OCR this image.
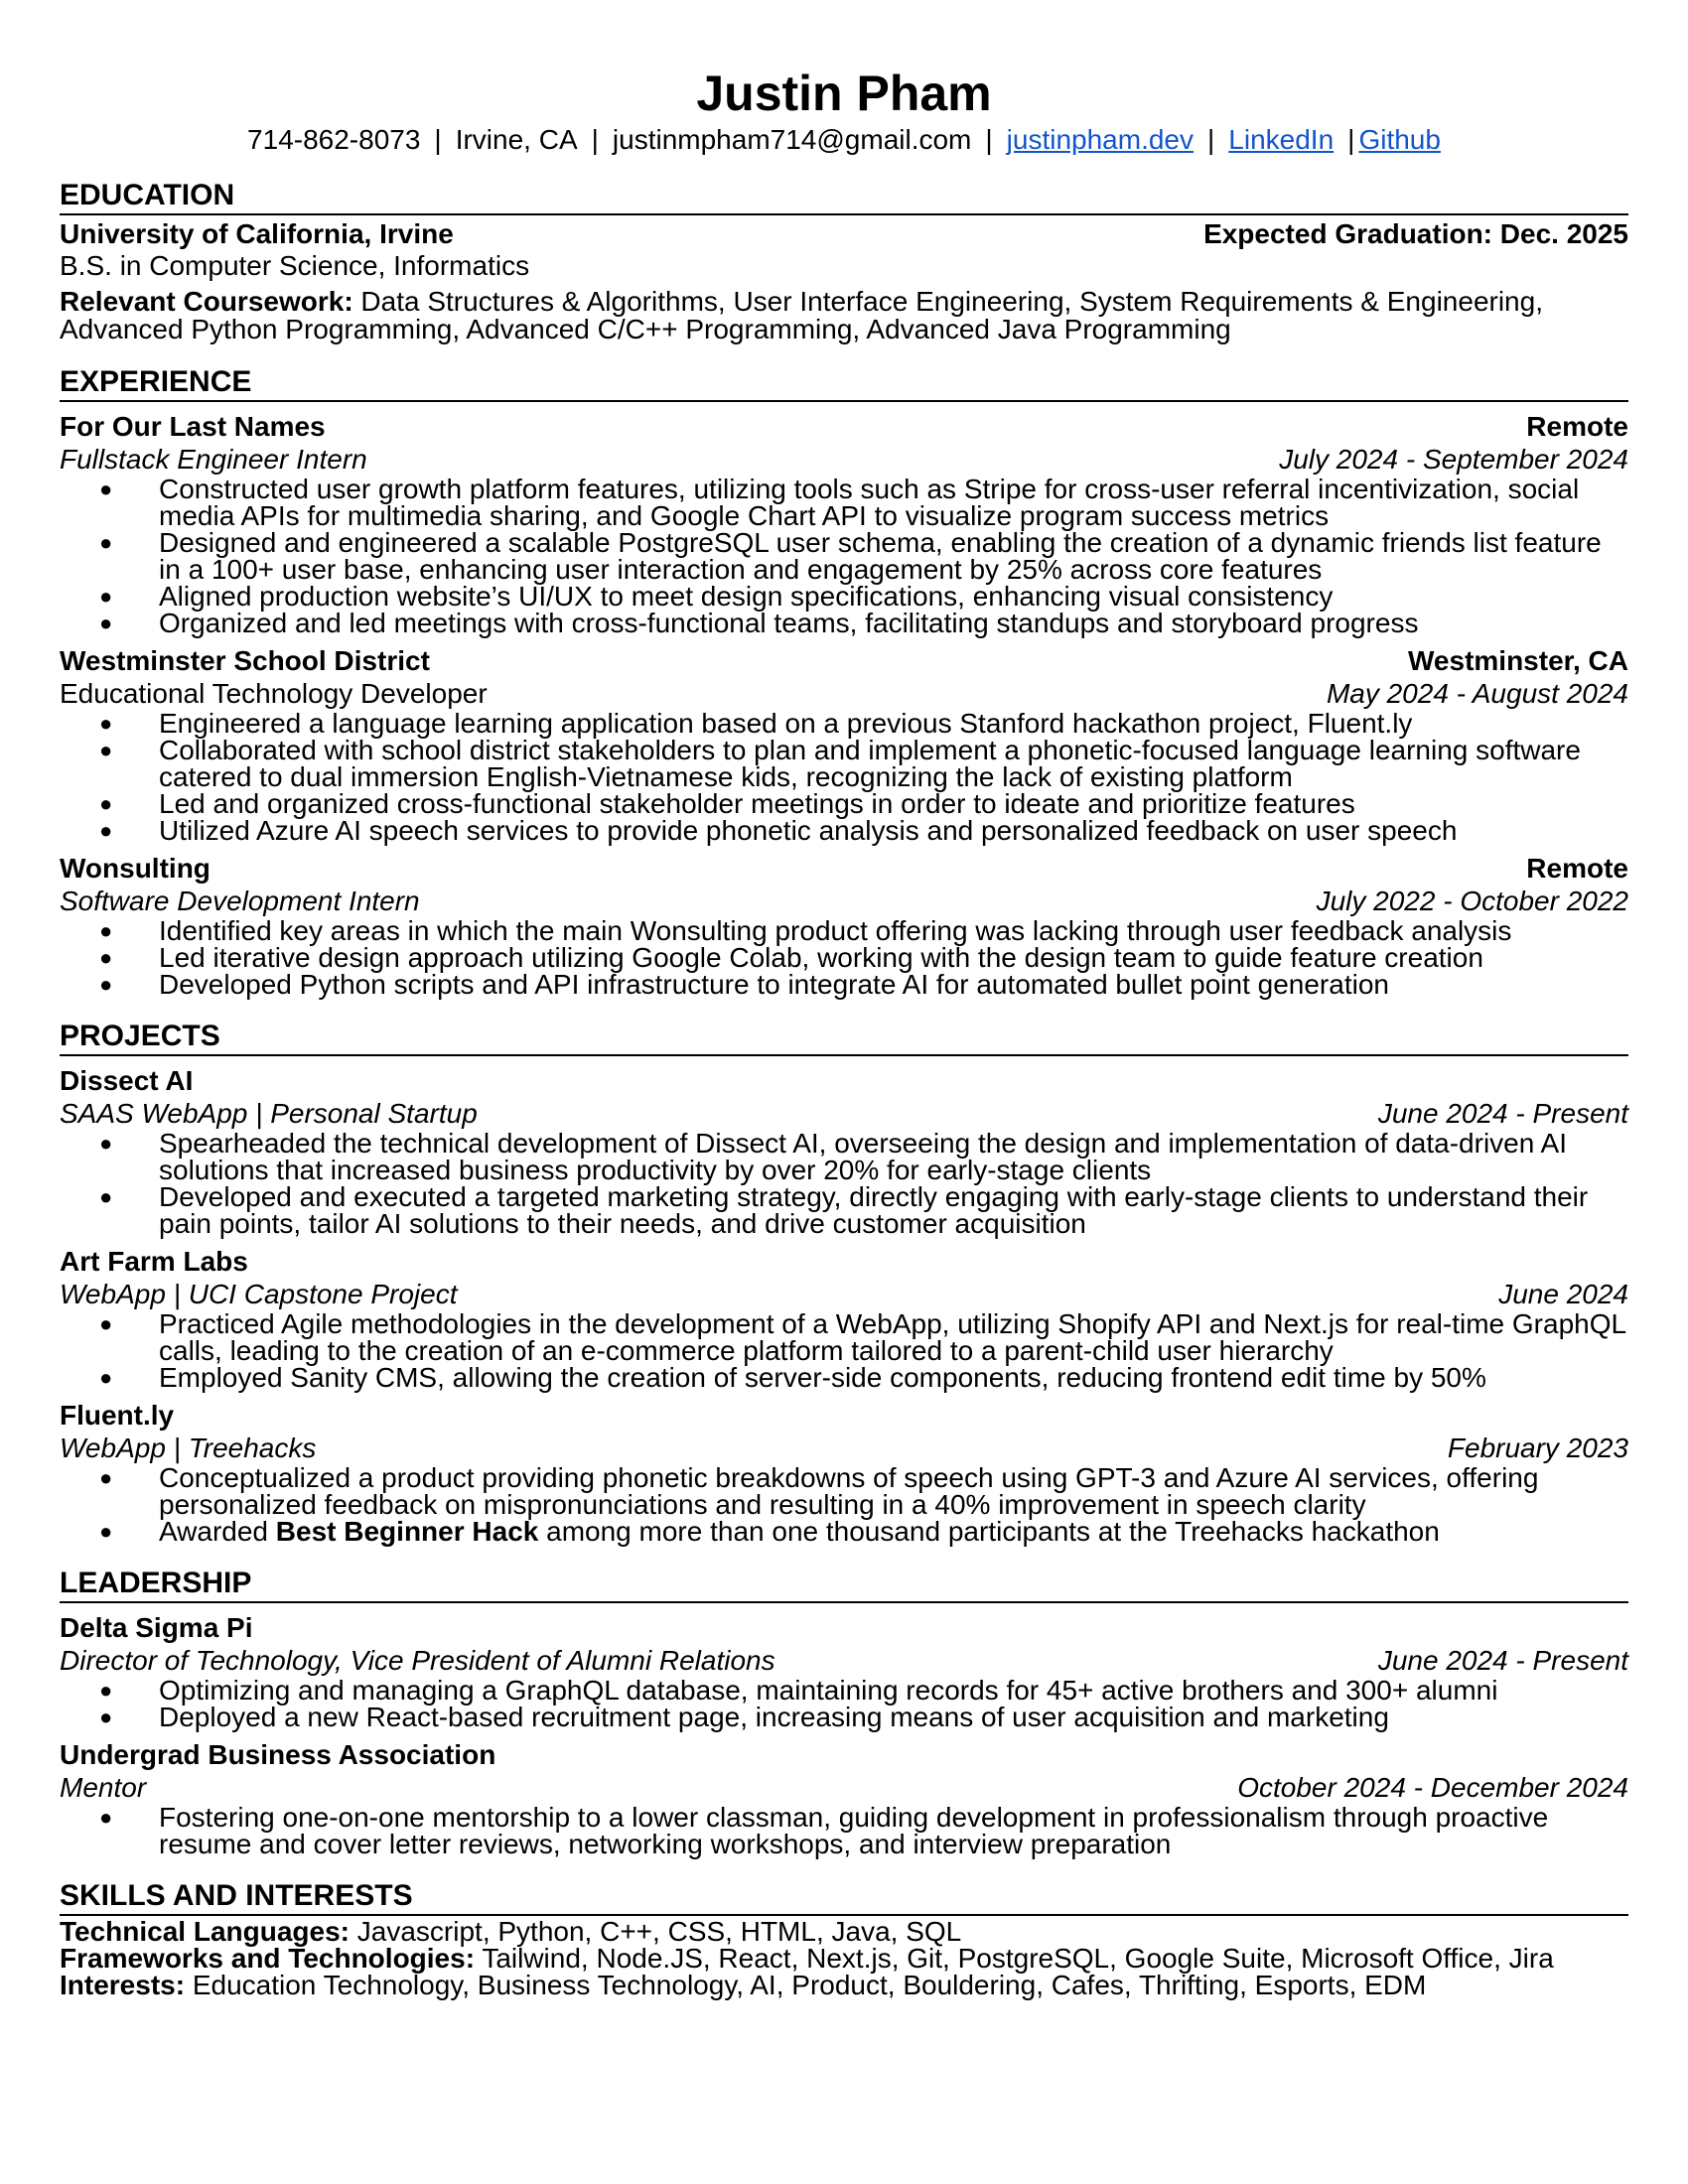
Justin Pham
714-862-8073 | Irvine, CA | justinmpham714@gmail.com | justinpham.dev | LinkedIn | Github
EDUCATION
University of California, Irvine	Expected Graduation: Dec. 2025
B.S. in Computer Science, Informatics
Relevant Coursework: Data Structures & Algorithms, User Interface Engineering, System Requirements & Engineering, Advanced Python Programming, Advanced C/C++ Programming, Advanced Java Programming
EXPERIENCE
For Our Last Names	Remote
Fullstack Engineer Intern	July 2024 - September 2024
● Constructed user growth platform features, utilizing tools such as Stripe for cross-user referral incentivization, social media APIs for multimedia sharing, and Google Chart API to visualize program success metrics
● Designed and engineered a scalable PostgreSQL user schema, enabling the creation of a dynamic friends list feature in a 100+ user base, enhancing user interaction and engagement by 25% across core features
● Aligned production website’s UI/UX to meet design specifications, enhancing visual consistency
● Organized and led meetings with cross-functional teams, facilitating standups and storyboard progress
Westminster School District	Westminster, CA
Educational Technology Developer	May 2024 - August 2024
● Engineered a language learning application based on a previous Stanford hackathon project, Fluent.ly
● Collaborated with school district stakeholders to plan and implement a phonetic-focused language learning software catered to dual immersion English-Vietnamese kids, recognizing the lack of existing platform
● Led and organized cross-functional stakeholder meetings in order to ideate and prioritize features
● Utilized Azure AI speech services to provide phonetic analysis and personalized feedback on user speech
Wonsulting	Remote
Software Development Intern	July 2022 - October 2022
● Identified key areas in which the main Wonsulting product offering was lacking through user feedback analysis
● Led iterative design approach utilizing Google Colab, working with the design team to guide feature creation
● Developed Python scripts and API infrastructure to integrate AI for automated bullet point generation
PROJECTS
Dissect AI
SAAS WebApp | Personal Startup	June 2024 - Present
● Spearheaded the technical development of Dissect AI, overseeing the design and implementation of data-driven AI solutions that increased business productivity by over 20% for early-stage clients
● Developed and executed a targeted marketing strategy, directly engaging with early-stage clients to understand their pain points, tailor AI solutions to their needs, and drive customer acquisition
Art Farm Labs
WebApp | UCI Capstone Project	June 2024
● Practiced Agile methodologies in the development of a WebApp, utilizing Shopify API and Next.js for real-time GraphQL calls, leading to the creation of an e-commerce platform tailored to a parent-child user hierarchy
● Employed Sanity CMS, allowing the creation of server-side components, reducing frontend edit time by 50%
Fluent.ly
WebApp | Treehacks	February 2023
● Conceptualized a product providing phonetic breakdowns of speech using GPT-3 and Azure AI services, offering personalized feedback on mispronunciations and resulting in a 40% improvement in speech clarity
● Awarded Best Beginner Hack among more than one thousand participants at the Treehacks hackathon
LEADERSHIP
Delta Sigma Pi
Director of Technology, Vice President of Alumni Relations	June 2024 - Present
● Optimizing and managing a GraphQL database, maintaining records for 45+ active brothers and 300+ alumni
● Deployed a new React-based recruitment page, increasing means of user acquisition and marketing
Undergrad Business Association
Mentor	October 2024 - December 2024
● Fostering one-on-one mentorship to a lower classman, guiding development in professionalism through proactive resume and cover letter reviews, networking workshops, and interview preparation
SKILLS AND INTERESTS
Technical Languages: Javascript, Python, C++, CSS, HTML, Java, SQL
Frameworks and Technologies: Tailwind, Node.JS, React, Next.js, Git, PostgreSQL, Google Suite, Microsoft Office, Jira
Interests: Education Technology, Business Technology, AI, Product, Bouldering, Cafes, Thrifting, Esports, EDM
